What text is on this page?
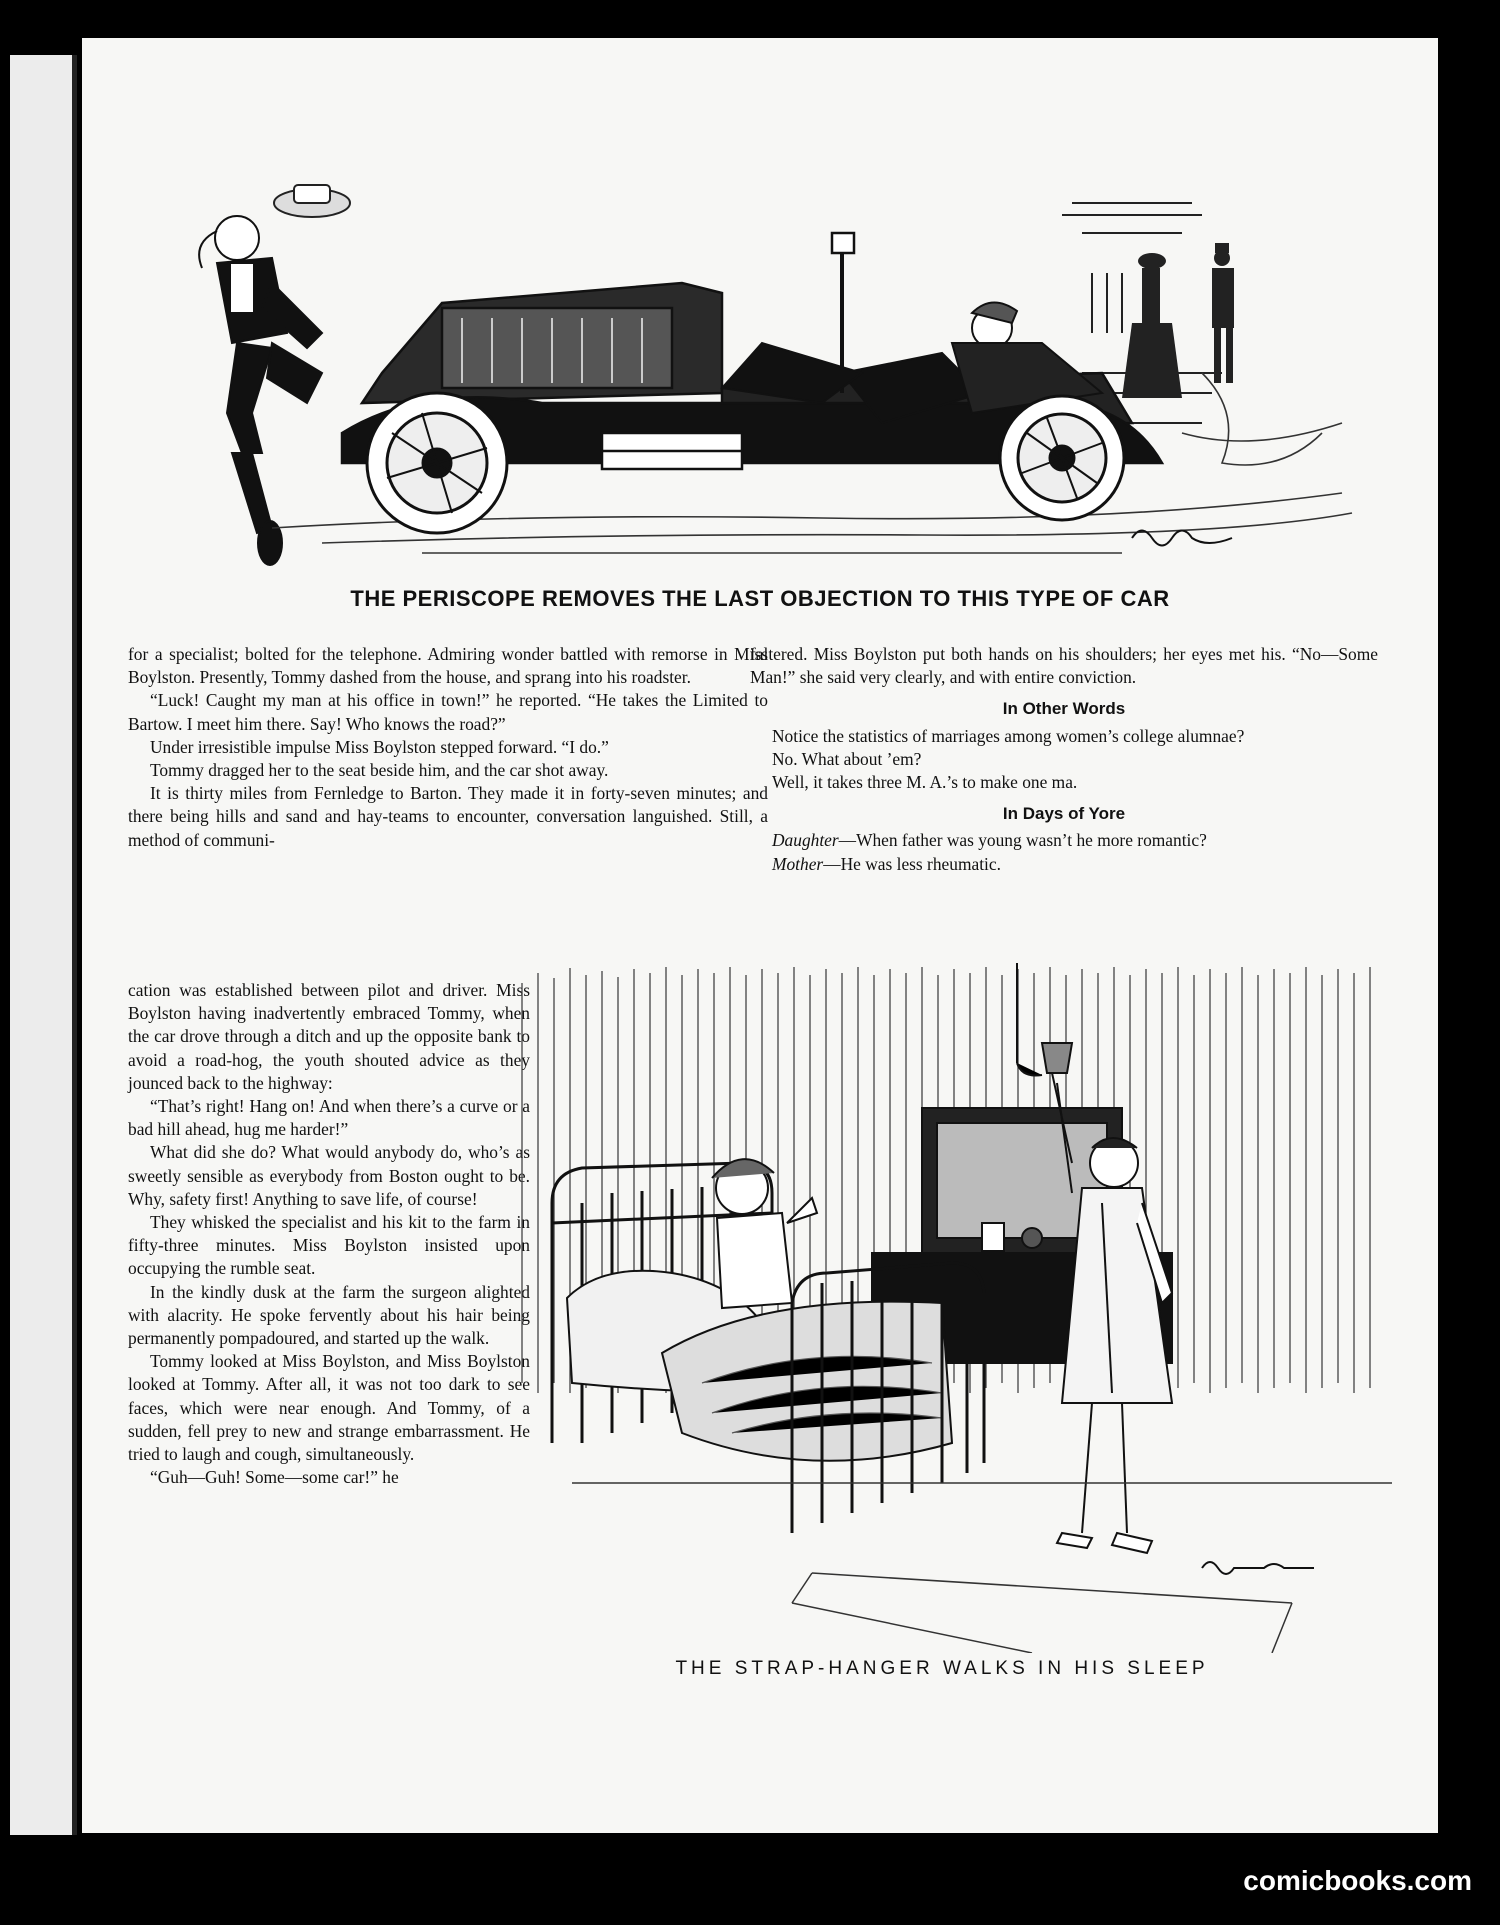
THE PERISCOPE REMOVES THE LAST OBJECTION TO THIS TYPE OF CAR

for a specialist; bolted for the telephone. Admiring wonder battled with remorse in Miss Boylston. Presently, Tommy dashed from the house, and sprang into his roadster.

“Luck! Caught my man at his office in town!” he reported. “He takes the Limited to Bartow. I meet him there. Say! Who knows the road?”

Under irresistible impulse Miss Boylston stepped forward. “I do.”

Tommy dragged her to the seat beside him, and the car shot away.

It is thirty miles from Fernledge to Barton. They made it in forty-seven minutes; and there being hills and sand and hay-teams to encounter, conversation languished. Still, a method of communi-

cation was established between pilot and driver. Miss Boylston having inadvertently embraced Tommy, when the car drove through a ditch and up the opposite bank to avoid a road-hog, the youth shouted advice as they jounced back to the highway:

“That’s right! Hang on! And when there’s a curve or a bad hill ahead, hug me harder!”

What did she do? What would anybody do, who’s as sweetly sensible as everybody from Boston ought to be. Why, safety first! Anything to save life, of course!

They whisked the specialist and his kit to the farm in fifty-three minutes. Miss Boylston insisted upon occupying the rumble seat.

In the kindly dusk at the farm the surgeon alighted with alacrity. He spoke fervently about his hair being permanently pompadoured, and started up the walk.

Tommy looked at Miss Boylston, and Miss Boylston looked at Tommy. After all, it was not too dark to see faces, which were near enough. And Tommy, of a sudden, fell prey to new and strange embarrassment. He tried to laugh and cough, simultaneously.

“Guh—Guh! Some—some car!” he

faltered. Miss Boylston put both hands on his shoulders; her eyes met his. “No—Some Man!” she said very clearly, and with entire conviction.

In Other Words

Notice the statistics of marriages among women’s college alumnae?

No. What about ’em?

Well, it takes three M. A.’s to make one ma.

In Days of Yore

Daughter—When father was young wasn’t he more romantic?

Mother—He was less rheumatic.

THE STRAP-HANGER WALKS IN HIS SLEEP
comicbooks.com
